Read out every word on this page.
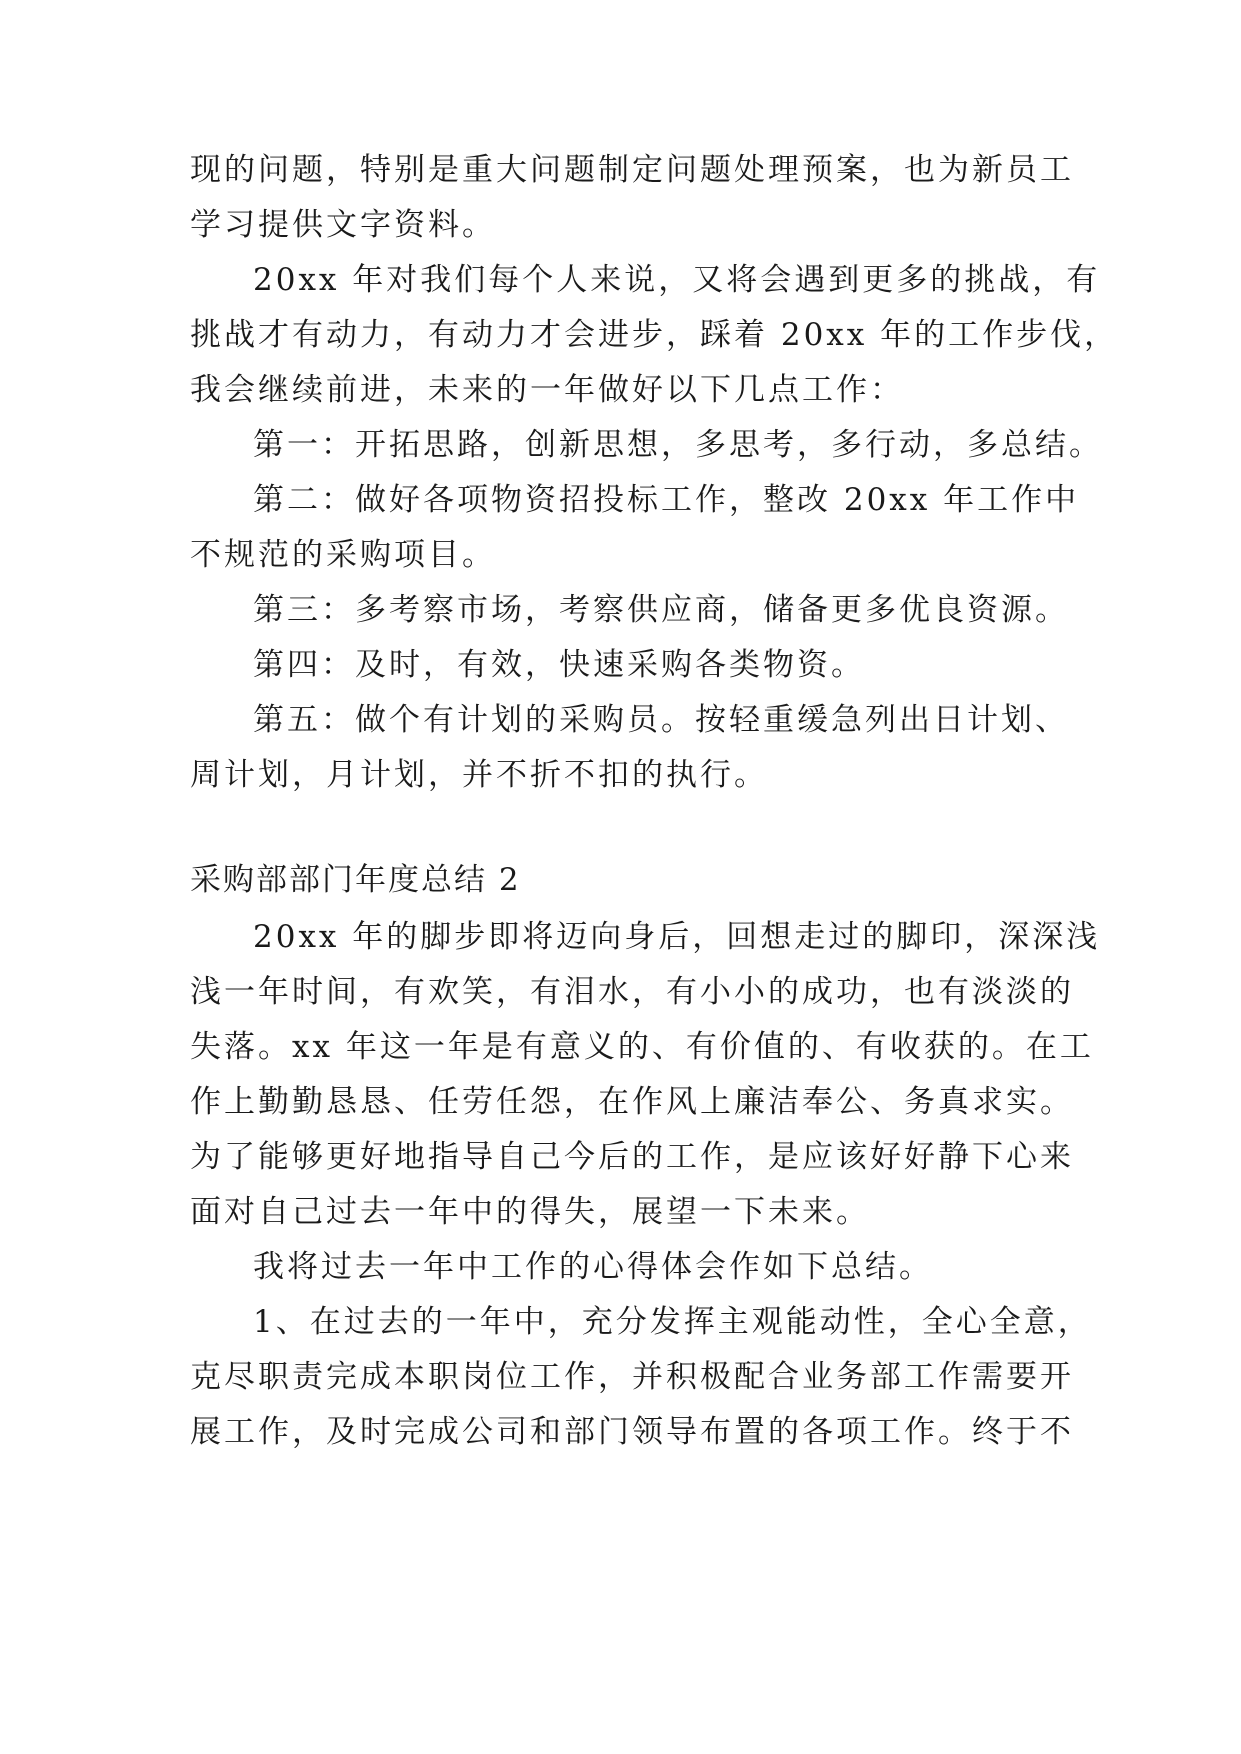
现的问题，特别是重大问题制定问题处理预案，也为新员工
学习提供文字资料。
20xx 年对我们每个人来说，又将会遇到更多的挑战，有
挑战才有动力，有动力才会进步，踩着 20xx 年的工作步伐，
我会继续前进，未来的一年做好以下几点工作：
第一：开拓思路，创新思想，多思考，多行动，多总结。
第二：做好各项物资招投标工作，整改 20xx 年工作中
不规范的采购项目。
第三：多考察市场，考察供应商，储备更多优良资源。
第四：及时，有效，快速采购各类物资。
第五：做个有计划的采购员。按轻重缓急列出日计划、
周计划，月计划，并不折不扣的执行。
采购部部门年度总结 2
20xx 年的脚步即将迈向身后，回想走过的脚印，深深浅
浅一年时间，有欢笑，有泪水，有小小的成功，也有淡淡的
失落。xx 年这一年是有意义的、有价值的、有收获的。在工
作上勤勤恳恳、任劳任怨，在作风上廉洁奉公、务真求实。
为了能够更好地指导自己今后的工作，是应该好好静下心来
面对自己过去一年中的得失，展望一下未来。
我将过去一年中工作的心得体会作如下总结。
1、在过去的一年中，充分发挥主观能动性，全心全意，
克尽职责完成本职岗位工作，并积极配合业务部工作需要开
展工作，及时完成公司和部门领导布置的各项工作。终于不
